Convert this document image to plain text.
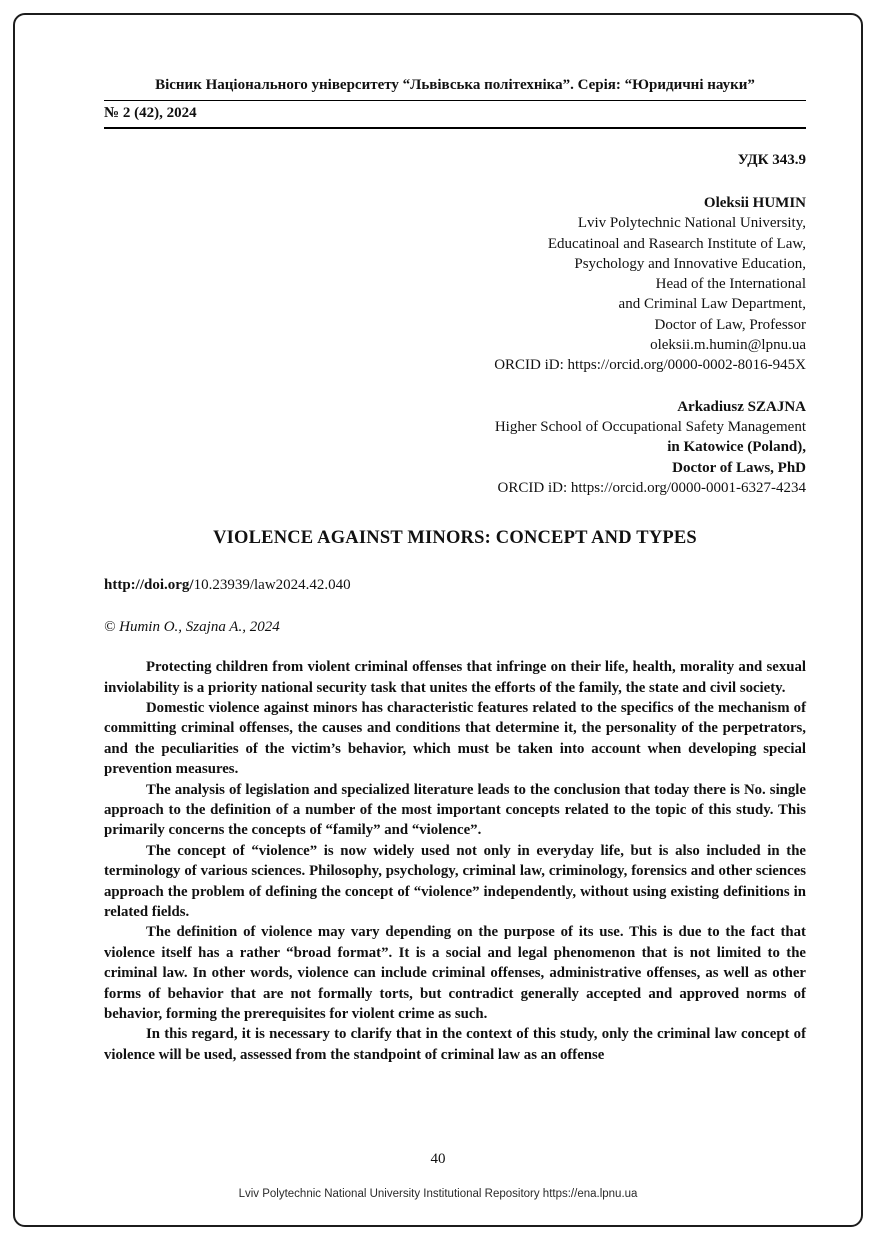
Вісник Національного університету “Львівська політехніка”. Серія: “Юридичні науки”
№ 2 (42), 2024
УДК 343.9
Oleksii HUMIN
Lviv Polytechnic National University,
Educatinoal and Rasearch Institute of Law,
Psychology and Innovative Education,
Head of the International
and Criminal Law Department,
Doctor of Law, Professor
oleksii.m.humin@lpnu.ua
ORCID iD: https://orcid.org/0000-0002-8016-945X
Arkadiusz SZAJNA
Higher School of Occupational Safety Management
in Katowice (Poland),
Doctor of Laws, PhD
ORCID iD: https://orcid.org/0000-0001-6327-4234
VIOLENCE AGAINST MINORS: CONCEPT AND TYPES
http://doi.org/10.23939/law2024.42.040
© Humin O., Szajna A., 2024

Protecting children from violent criminal offenses that infringe on their life, health, morality and sexual inviolability is a priority national security task that unites the efforts of the family, the state and civil society.

Domestic violence against minors has characteristic features related to the specifics of the mechanism of committing criminal offenses, the causes and conditions that determine it, the personality of the perpetrators, and the peculiarities of the victim’s behavior, which must be taken into account when developing special prevention measures.

The analysis of legislation and specialized literature leads to the conclusion that today there is No. single approach to the definition of a number of the most important concepts related to the topic of this study. This primarily concerns the concepts of “family” and “violence”.

The concept of “violence” is now widely used not only in everyday life, but is also included in the terminology of various sciences. Philosophy, psychology, criminal law, criminology, forensics and other sciences approach the problem of defining the concept of “violence” independently, without using existing definitions in related fields.

The definition of violence may vary depending on the purpose of its use. This is due to the fact that violence itself has a rather “broad format”. It is a social and legal phenomenon that is not limited to the criminal law. In other words, violence can include criminal offenses, administrative offenses, as well as other forms of behavior that are not formally torts, but contradict generally accepted and approved norms of behavior, forming the prerequisites for violent crime as such.

In this regard, it is necessary to clarify that in the context of this study, only the criminal law concept of violence will be used, assessed from the standpoint of criminal law as an offense

40
Lviv Polytechnic National University Institutional Repository https://ena.lpnu.ua
